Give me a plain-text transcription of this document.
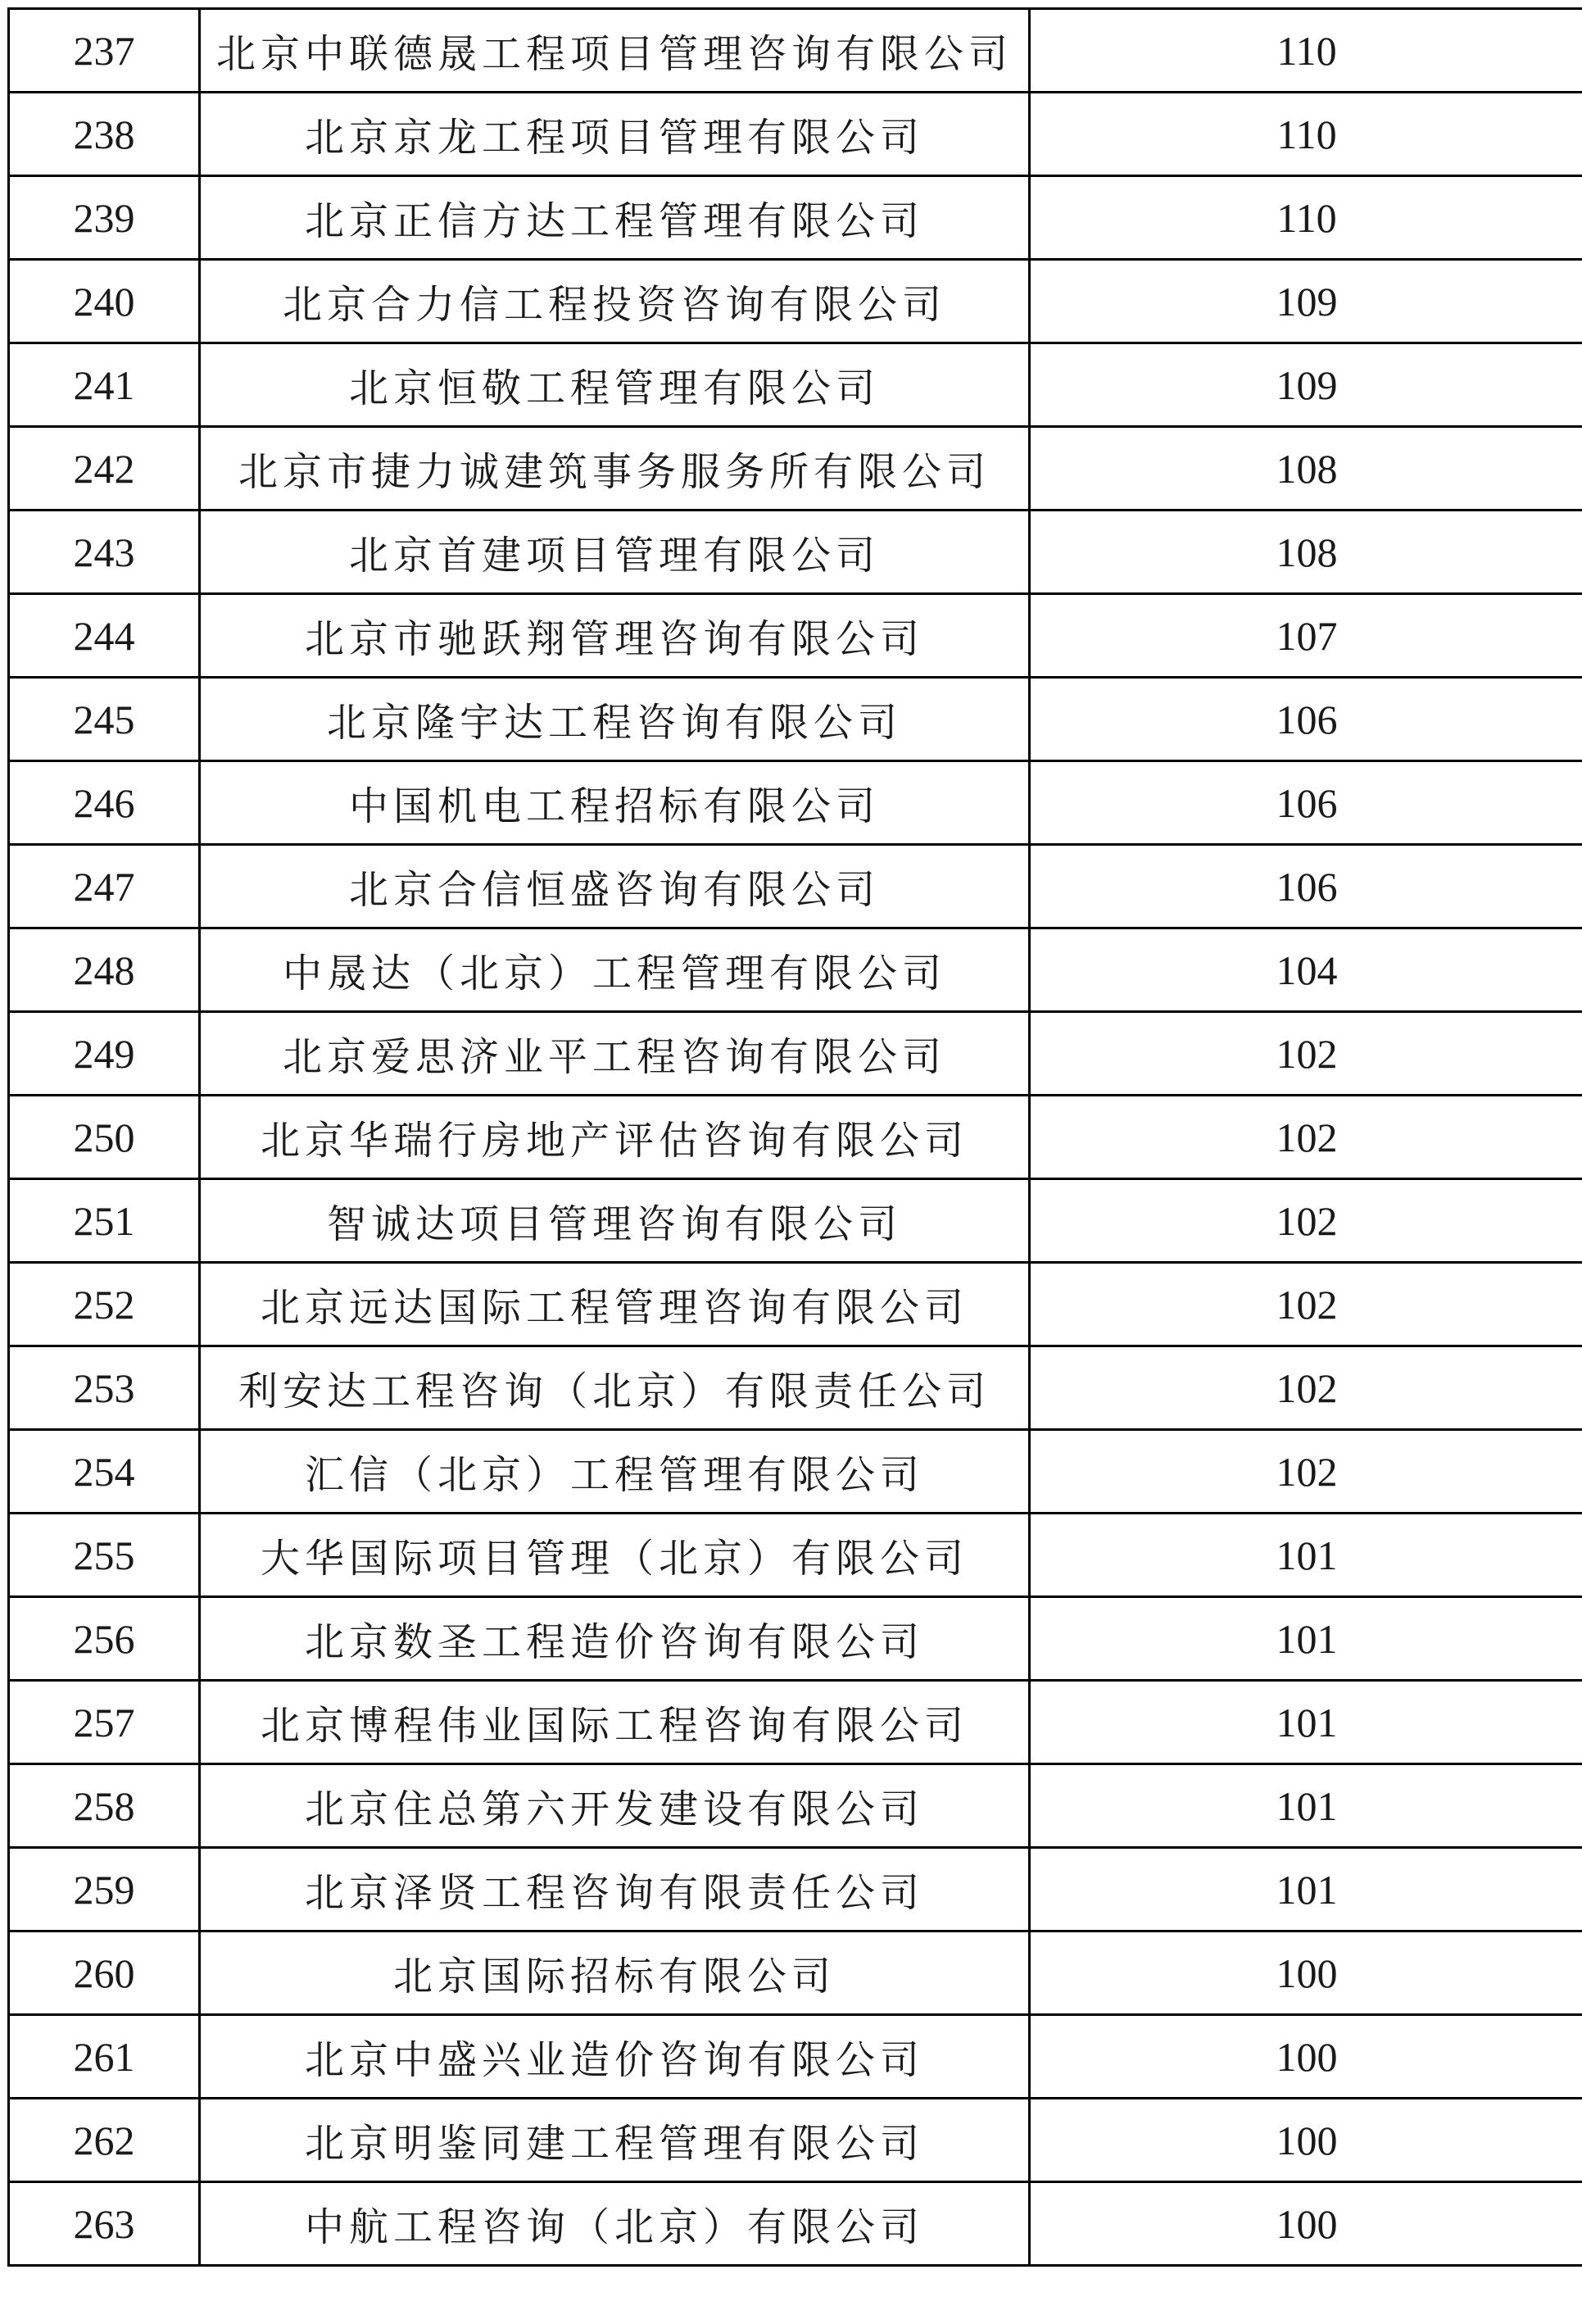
237	北京中联德晟工程项目管理咨询有限公司	110
238	北京京龙工程项目管理有限公司	110
239	北京正信方达工程管理有限公司	110
240	北京合力信工程投资咨询有限公司	109
241	北京恒敬工程管理有限公司	109
242	北京市捷力诚建筑事务服务所有限公司	108
243	北京首建项目管理有限公司	108
244	北京市驰跃翔管理咨询有限公司	107
245	北京隆宇达工程咨询有限公司	106
246	中国机电工程招标有限公司	106
247	北京合信恒盛咨询有限公司	106
248	中晟达（北京）工程管理有限公司	104
249	北京爱思济业平工程咨询有限公司	102
250	北京华瑞行房地产评估咨询有限公司	102
251	智诚达项目管理咨询有限公司	102
252	北京远达国际工程管理咨询有限公司	102
253	利安达工程咨询（北京）有限责任公司	102
254	汇信（北京）工程管理有限公司	102
255	大华国际项目管理（北京）有限公司	101
256	北京数圣工程造价咨询有限公司	101
257	北京博程伟业国际工程咨询有限公司	101
258	北京住总第六开发建设有限公司	101
259	北京泽贤工程咨询有限责任公司	101
260	北京国际招标有限公司	100
261	北京中盛兴业造价咨询有限公司	100
262	北京明鉴同建工程管理有限公司	100
263	中航工程咨询（北京）有限公司	100
